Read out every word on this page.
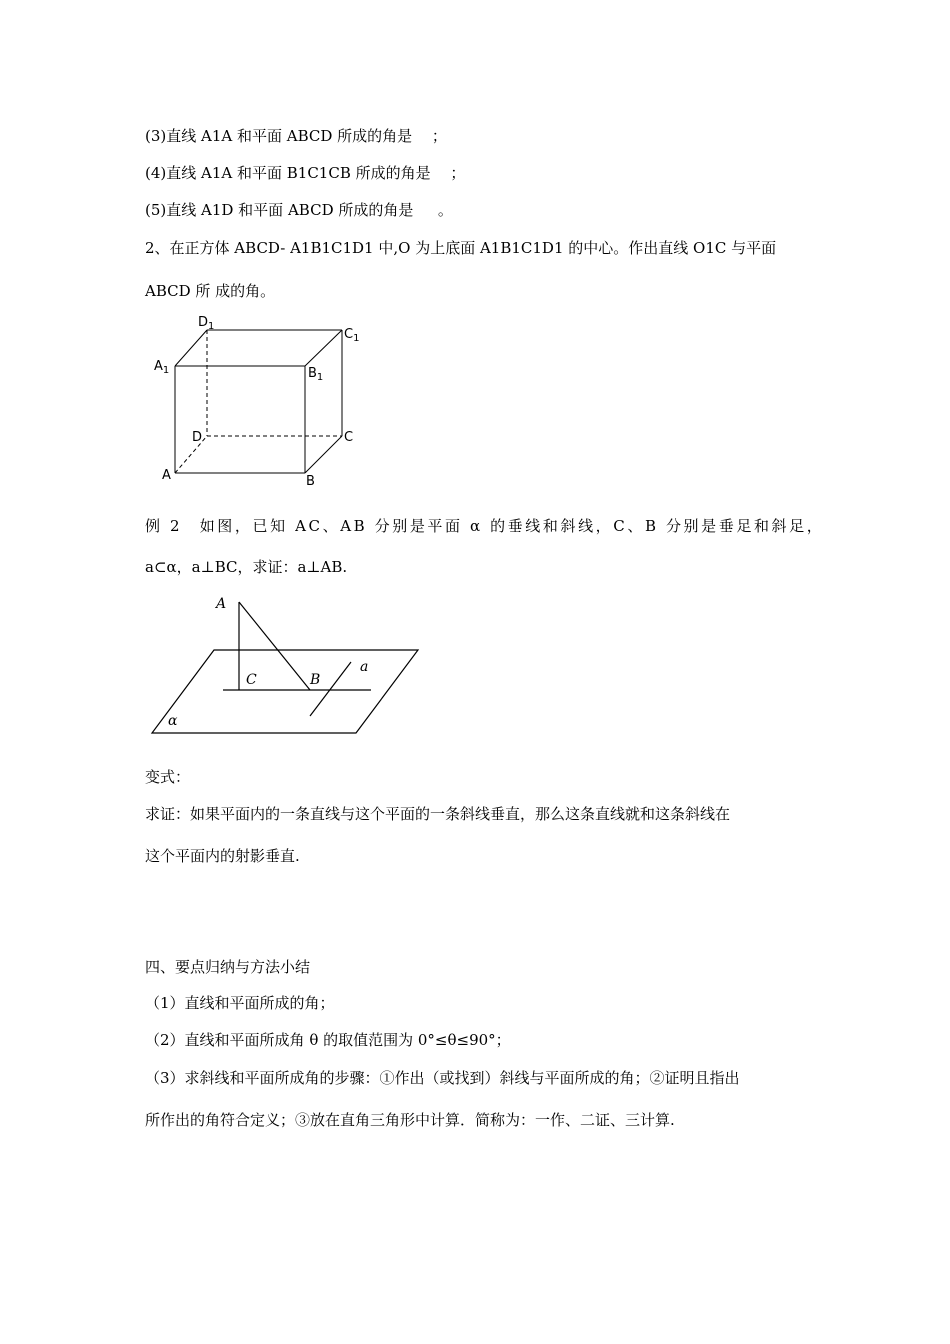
(3)直线 A1A 和平面 ABCD 所成的角是 　；
(4)直线 A1A 和平面 B1C1CB 所成的角是 　；
(5)直线 A1D 和平面 ABCD 所成的角是 　 。
2、在正方体 ABCD- A1B1C1D1 中,O 为上底面 A1B1C1D1 的中心。作出直线 O1C 与平面
ABCD 所 成的角。
$D_1$
$C_1$
$A_1$	$B_1$
D	C
A	B
例 2　如图，已知 AC、AB 分别是平面 α 的垂线和斜线，C、B 分别是垂足和斜足，
a⊂α，a⊥BC，求证：a⊥AB.
A
C	B
a
α
变式：
求证：如果平面内的一条直线与这个平面的一条斜线垂直，那么这条直线就和这条斜线在
这个平面内的射影垂直.
四、要点归纳与方法小结
（1）直线和平面所成的角；
（2）直线和平面所成角 θ 的取值范围为 0°≤θ≤90°；
（3）求斜线和平面所成角的步骤：①作出（或找到）斜线与平面所成的角；②证明且指出
所作出的角符合定义；③放在直角三角形中计算．简称为：一作、二证、三计算.
